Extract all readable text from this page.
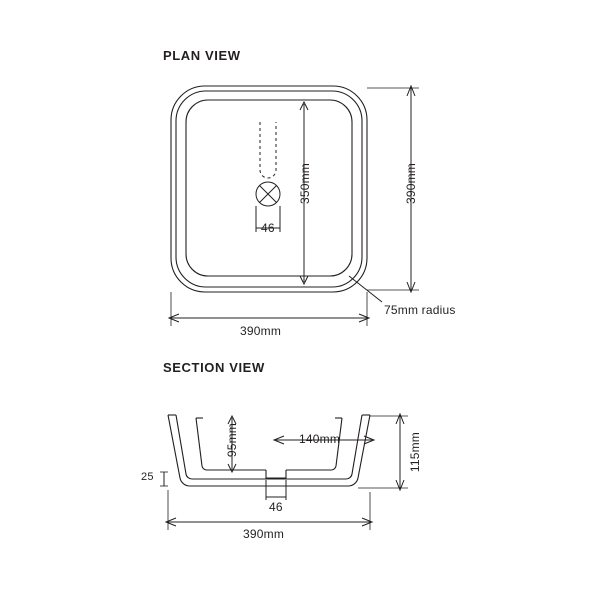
PLAN VIEW
SECTION VIEW
390mm
390mm
350mm
46
75mm radius
95mm	140mm	115mm
25
46
390mm
